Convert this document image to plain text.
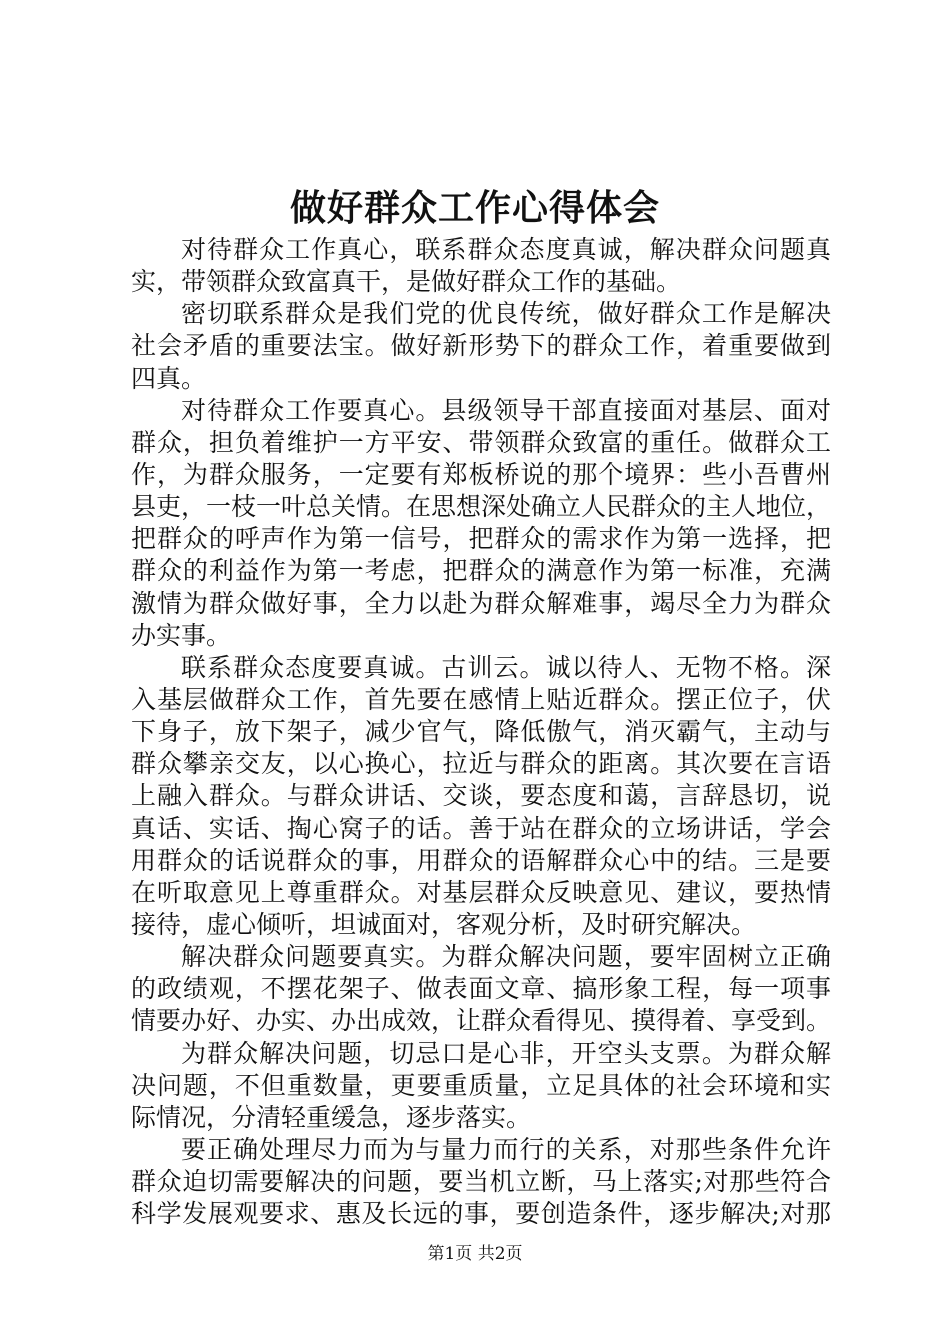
做好群众工作心得体会
对待群众工作真心，联系群众态度真诚，解决群众问题真
实，带领群众致富真干，是做好群众工作的基础。
密切联系群众是我们党的优良传统，做好群众工作是解决
社会矛盾的重要法宝。做好新形势下的群众工作，着重要做到
四真。
对待群众工作要真心。县级领导干部直接面对基层、面对
群众，担负着维护一方平安、带领群众致富的重任。做群众工
作，为群众服务，一定要有郑板桥说的那个境界：些小吾曹州
县吏，一枝一叶总关情。在思想深处确立人民群众的主人地位，
把群众的呼声作为第一信号，把群众的需求作为第一选择，把
群众的利益作为第一考虑，把群众的满意作为第一标准，充满
激情为群众做好事，全力以赴为群众解难事，竭尽全力为群众
办实事。
联系群众态度要真诚。古训云。诚以待人、无物不格。深
入基层做群众工作，首先要在感情上贴近群众。摆正位子，伏
下身子，放下架子，减少官气，降低傲气，消灭霸气，主动与
群众攀亲交友，以心换心，拉近与群众的距离。其次要在言语
上融入群众。与群众讲话、交谈，要态度和蔼，言辞恳切，说
真话、实话、掏心窝子的话。善于站在群众的立场讲话，学会
用群众的话说群众的事，用群众的语解群众心中的结。三是要
在听取意见上尊重群众。对基层群众反映意见、建议，要热情
接待，虚心倾听，坦诚面对，客观分析，及时研究解决。
解决群众问题要真实。为群众解决问题，要牢固树立正确
的政绩观，不摆花架子、做表面文章、搞形象工程，每一项事
情要办好、办实、办出成效，让群众看得见、摸得着、享受到。
为群众解决问题，切忌口是心非，开空头支票。为群众解
决问题，不但重数量，更要重质量，立足具体的社会环境和实
际情况，分清轻重缓急，逐步落实。
要正确处理尽力而为与量力而行的关系，对那些条件允许
群众迫切需要解决的问题，要当机立断，马上落实;对那些符合
科学发展观要求、惠及长远的事，要创造条件，逐步解决;对那
第1页 共2页
